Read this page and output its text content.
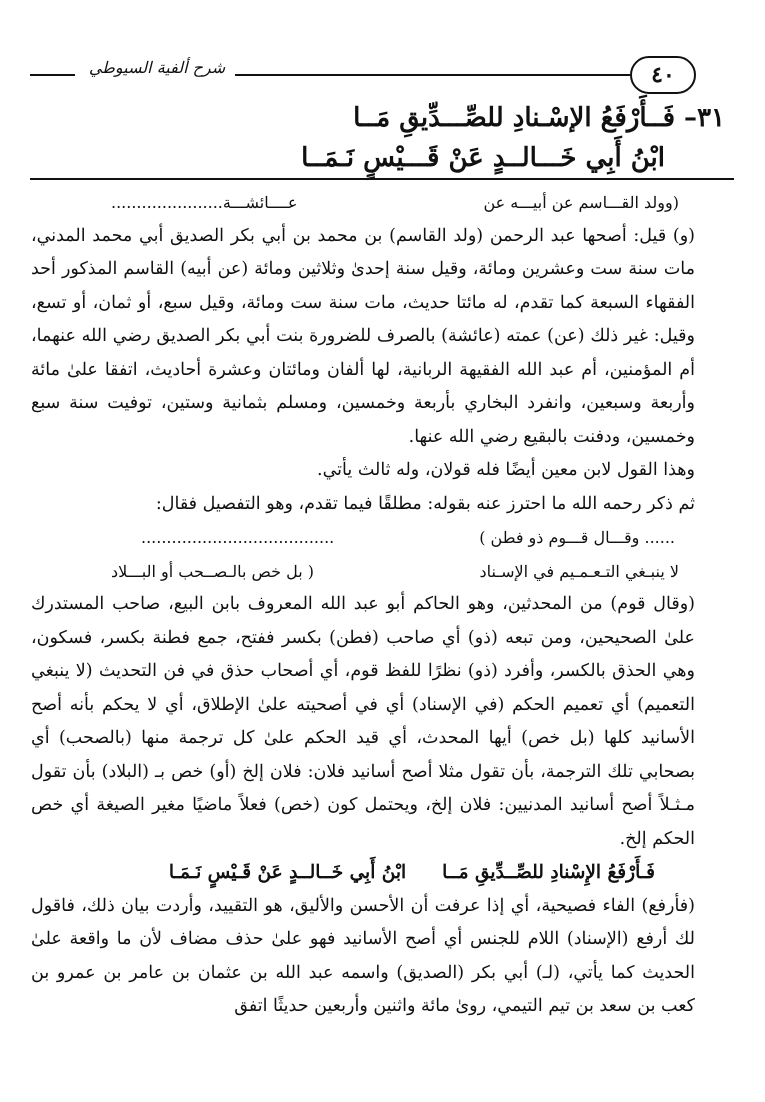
شرح ألفية السيوطي	٤٠
٣١– فَــأَرْفَعُ الإسْـنادِ للصِّـــدِّيقِ مَــا
ابْنُ أَبِي خَـــالــدٍ عَنْ قَـــيْسٍ نَـمَــا
(وولد القـــاسم عن أبيـــه عن
عــــائشـــة......................

(و) قيل: أصحها عبد الرحمن (ولد القاسم) بن محمد بن أبي بكر الصديق أبي محمد المدني، مات سنة ست وعشرين ومائة، وقيل سنة إحدىٰ وثلاثين ومائة (عن أبيه) القاسم المذكور أحد الفقهاء السبعة كما تقدم، له مائتا حديث، مات سنة ست ومائة، وقيل سبع، أو ثمان، أو تسع، وقيل: غير ذلك (عن) عمته (عائشة) بالصرف للضرورة بنت أبي بكر الصديق رضي الله عنهما، أم المؤمنين، أم عبد الله الفقيهة الربانية، لها ألفان ومائتان وعشرة أحاديث، اتفقا علىٰ مائة وأربعة وسبعين، وانفرد البخاري بأربعة وخمسين، ومسلم بثمانية وستين، توفيت سنة سبع وخمسين، ودفنت بالبقيع رضي الله عنها.

وهذا القول لابن معين أيضًا فله قولان، وله ثالث يأتي.

ثم ذكر رحمه الله ما احترز عنه بقوله: مطلقًا فيما تقدم، وهو التفصيل فقال:

...... وقـــال قـــوم ذو فطن )
......................................
لا ينبـغي التـعـمـيم في الإسـناد
( بل خص بالـصــحب أو البـــلاد

(وقال قوم) من المحدثين، وهو الحاكم أبو عبد الله المعروف بابن البيع، صاحب المستدرك علىٰ الصحيحين، ومن تبعه (ذو) أي صاحب (فطن) بكسر ففتح، جمع فطنة بكسر، فسكون، وهي الحذق بالكسر، وأفرد (ذو) نظرًا للفظ قوم، أي أصحاب حذق في فن التحديث (لا ينبغي التعميم) أي تعميم الحكم (في الإسناد) أي في أصحيته علىٰ الإطلاق، أي لا يحكم بأنه أصح الأسانيد كلها (بل خص) أيها المحدث، أي قيد الحكم علىٰ كل ترجمة منها (بالصحب) أي بصحابي تلك الترجمة، بأن تقول مثلا أصح أسانيد فلان: فلان إلخ (أو) خص بـ (البلاد) بأن تقول مـثـلاً أصح أسانيد المدنيين: فلان إلخ، ويحتمل كون (خص) فعلاً ماضيًا مغير الصيغة أي خص الحكم إلخ.

فَـأَرْفَعُ الإِسْنادِ للصِّــدِّيقِ مَــا
ابْنُ أَبِي خَــالــدٍ عَنْ قَـيْسٍ نَـمَـا

(فأرفع) الفاء فصيحية، أي إذا عرفت أن الأحسن والأليق، هو التقييد، وأردت بيان ذلك، فاقول لك أرفع (الإسناد) اللام للجنس أي أصح الأسانيد فهو علىٰ حذف مضاف لأن ما واقعة علىٰ الحديث كما يأتي، (لـ) أبي بكر (الصديق) واسمه عبد الله بن عثمان بن عامر بن عمرو بن كعب بن سعد بن تيم التيمي، روىٰ مائة واثنين وأربعين حديثًا اتفق
